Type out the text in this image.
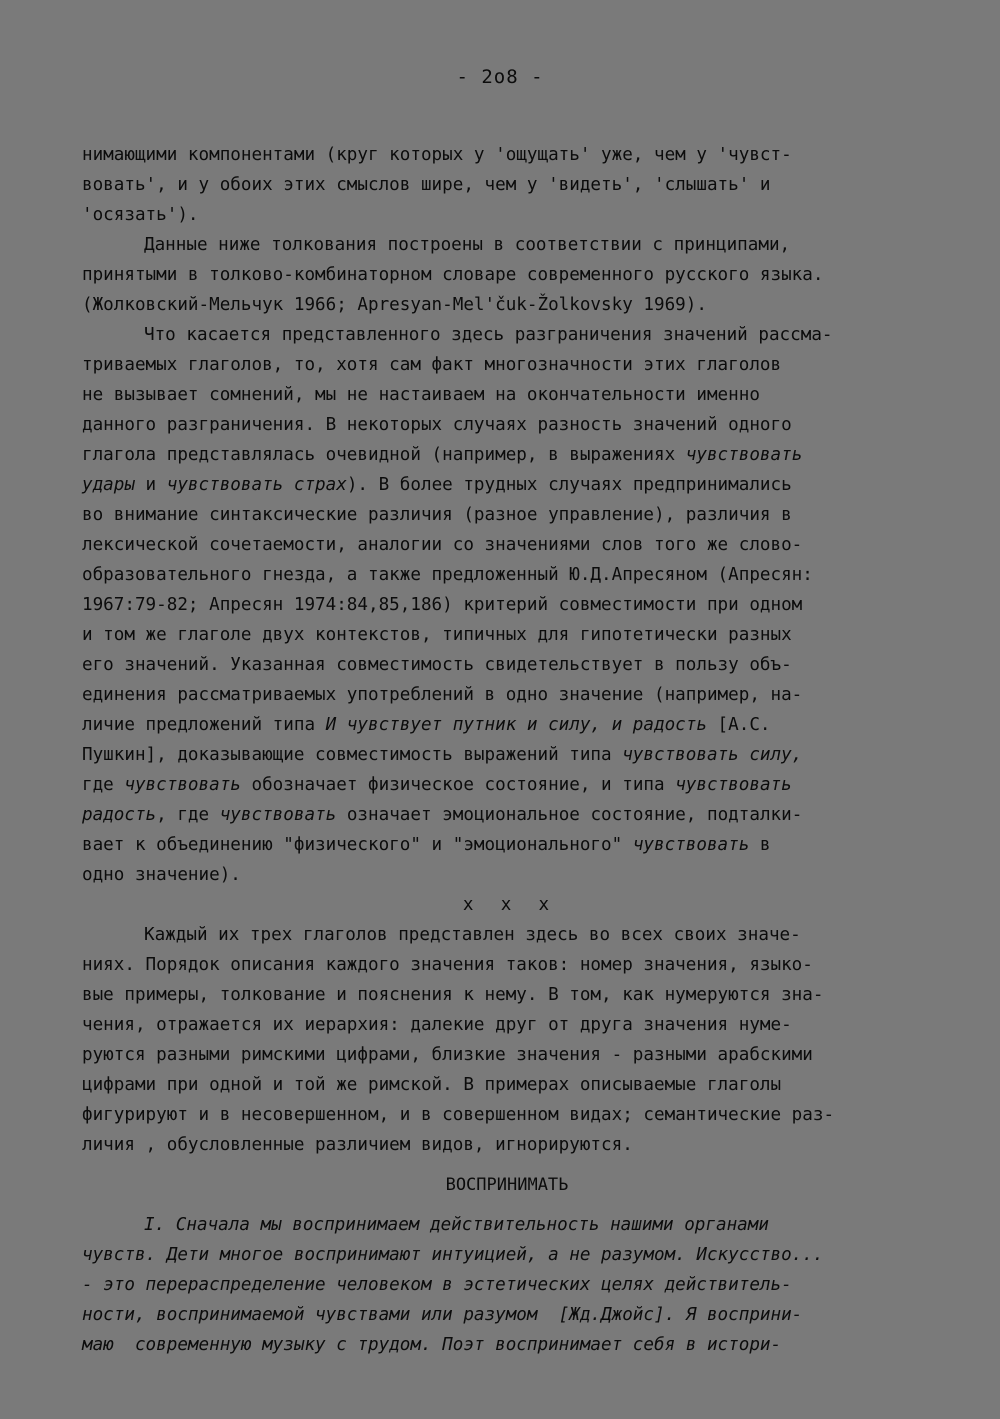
- 2o8 -
нимающими компонентами (круг которых у 'ощущать' уже, чем у 'чувст-
вовать', и у обоих этих смыслов шире, чем у 'видеть', 'слышать' и
'осязать').
Данные ниже толкования построены в соответствии с принципами,
принятыми в толково-комбинаторном словаре современного русского языка.
(Жолковский-Мельчук 1966; Apresyan-Mel'čuk-Žolkovsky 1969).
Что касается представленного здесь разграничения значений рассма-
триваемых глаголов, то, хотя сам факт многозначности этих глаголов
не вызывает сомнений, мы не настаиваем на окончательности именно
данного разграничения. В некоторых случаях разность значений одного
глагола представлялась очевидной (например, в выражениях чувствовать
удары и чувствовать страх). В более трудных случаях предпринимались
во внимание синтаксические различия (разное управление), различия в
лексической сочетаемости, аналогии со значениями слов того же слово-
образовательного гнезда, а также предложенный Ю.Д.Апресяном (Апресян:
1967:79-82; Апресян 1974:84,85,186) критерий совместимости при одном
и том же глаголе двух контекстов, типичных для гипотетически разных
его значений. Указанная совместимость свидетельствует в пользу объ-
единения рассматриваемых употреблений в одно значение (например, на-
личие предложений типа И чувствует путник и силу, и радость [А.С.
Пушкин], доказывающие совместимость выражений типа чувствовать силу,
где чувствовать обозначает физическое состояние, и типа чувствовать
радость, где чувствовать означает эмоциональное состояние, подталки-
вает к объединению "физического" и "эмоционального" чувствовать в
одно значение).
x  x  x
Каждый их трех глаголов представлен здесь во всех своих значе-
ниях. Порядок описания каждого значения таков: номер значения, языко-
вые примеры, толкование и пояснения к нему. В том, как нумеруются зна-
чения, отражается их иерархия: далекие друг от друга значения нуме-
руются разными римскими цифрами, близкие значения - разными арабскими
цифрами при одной и той же римской. В примерах описываемые глаголы
фигурируют и в несовершенном, и в совершенном видах; семантические раз-
личия , обусловленные различием видов, игнорируются.
ВОСПРИНИМАТЬ
I. Сначала мы воспринимаем действительность нашими органами
чувств. Дети многое воспринимают интуицией, а не разумом. Искусство...
- это перераспределение человеком в эстетических целях действитель-
ности, воспринимаемой чувствами или разумом  [Жд.Джойс]. Я восприни-
маю  современную музыку с трудом. Поэт воспринимает себя в истори-
